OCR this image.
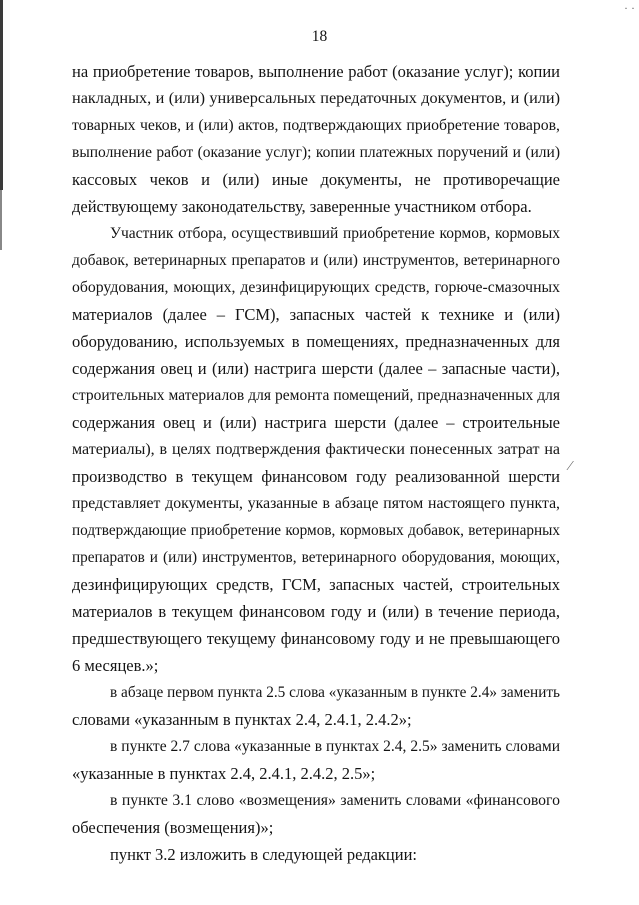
· ·
18
на приобретение товаров, выполнение работ (оказание услуг); копии
накладных, и (или) универсальных передаточных документов, и (или)
товарных чеков, и (или) актов, подтверждающих приобретение товаров,
выполнение работ (оказание услуг); копии платежных поручений и (или)
кассовых чеков и (или) иные документы, не противоречащие
действующему законодательству, заверенные участником отбора.
Участник отбора, осуществивший приобретение кормов, кормовых
добавок, ветеринарных препаратов и (или) инструментов, ветеринарного
оборудования, моющих, дезинфицирующих средств, горюче-смазочных
материалов (далее – ГСМ), запасных частей к технике и (или)
оборудованию, используемых в помещениях, предназначенных для
содержания овец и (или) настрига шерсти (далее – запасные части),
строительных материалов для ремонта помещений, предназначенных для
содержания овец и (или) настрига шерсти (далее – строительные
материалы), в целях подтверждения фактически понесенных затрат на
производство в текущем финансовом году реализованной шерсти
представляет документы, указанные в абзаце пятом настоящего пункта,
подтверждающие приобретение кормов, кормовых добавок, ветеринарных
препаратов и (или) инструментов, ветеринарного оборудования, моющих,
дезинфицирующих средств, ГСМ, запасных частей, строительных
материалов в текущем финансовом году и (или) в течение периода,
предшествующего текущему финансовому году и не превышающего
6 месяцев.»;
в абзаце первом пункта 2.5 слова «указанным в пункте 2.4» заменить
словами «указанным в пунктах 2.4, 2.4.1, 2.4.2»;
в пункте 2.7 слова «указанные в пунктах 2.4, 2.5» заменить словами
«указанные в пунктах 2.4, 2.4.1, 2.4.2, 2.5»;
в пункте 3.1 слово «возмещения» заменить словами «финансового
обеспечения (возмещения)»;
пункт 3.2 изложить в следующей редакции:
⁄
